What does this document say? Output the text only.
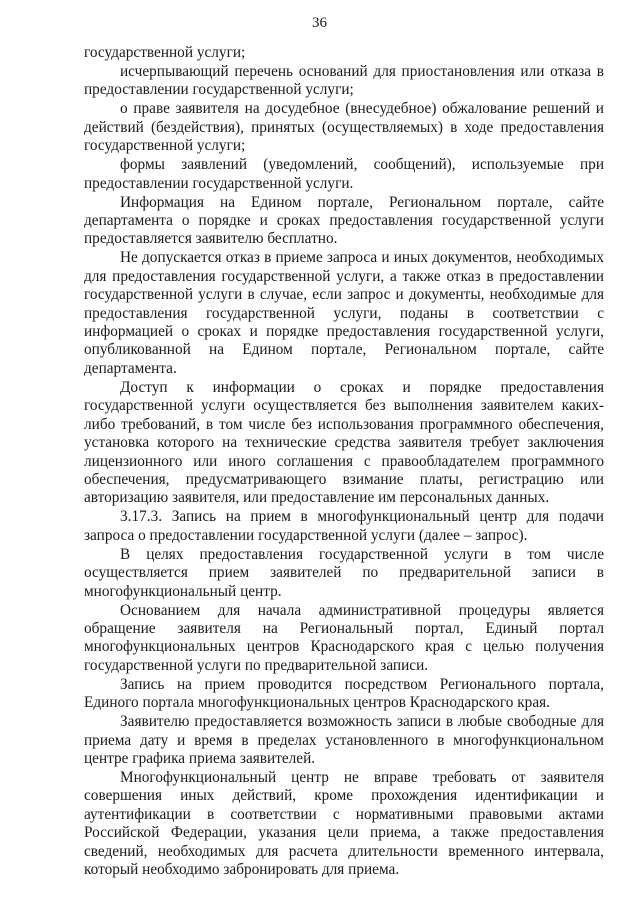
36

государственной услуги;

исчерпывающий перечень оснований для приостановления или отказа в предоставлении государственной услуги;

о праве заявителя на досудебное (внесудебное) обжалование решений и действий (бездействия), принятых (осуществляемых) в ходе предоставления государственной услуги;

формы заявлений (уведомлений, сообщений), используемые при предоставлении государственной услуги.

Информация на Едином портале, Региональном портале, сайте департамента о порядке и сроках предоставления государственной услуги предоставляется заявителю бесплатно.

Не допускается отказ в приеме запроса и иных документов, необходимых для предоставления государственной услуги, а также отказ в предоставлении государственной услуги в случае, если запрос и документы, необходимые для предоставления государственной услуги, поданы в соответствии с информацией о сроках и порядке предоставления государственной услуги, опубликованной на Едином портале, Региональном портале, сайте департамента.

Доступ к информации о сроках и порядке предоставления государственной услуги осуществляется без выполнения заявителем каких-либо требований, в том числе без использования программного обеспечения, установка которого на технические средства заявителя требует заключения лицензионного или иного соглашения с правообладателем программного обеспечения, предусматривающего взимание платы, регистрацию или авторизацию заявителя, или предоставление им персональных данных.

3.17.3. Запись на прием в многофункциональный центр для подачи запроса о предоставлении государственной услуги (далее – запрос).

В целях предоставления государственной услуги в том числе осуществляется прием заявителей по предварительной записи в многофункциональный центр.

Основанием для начала административной процедуры является обращение заявителя на Региональный портал, Единый портал многофункциональных центров Краснодарского края с целью получения государственной услуги по предварительной записи.

Запись на прием проводится посредством Регионального портала, Единого портала многофункциональных центров Краснодарского края.

Заявителю предоставляется возможность записи в любые свободные для приема дату и время в пределах установленного в многофункциональном центре графика приема заявителей.

Многофункциональный центр не вправе требовать от заявителя совершения иных действий, кроме прохождения идентификации и аутентификации в соответствии с нормативными правовыми актами Российской Федерации, указания цели приема, а также предоставления сведений, необходимых для расчета длительности временного интервала, который необходимо забронировать для приема.
